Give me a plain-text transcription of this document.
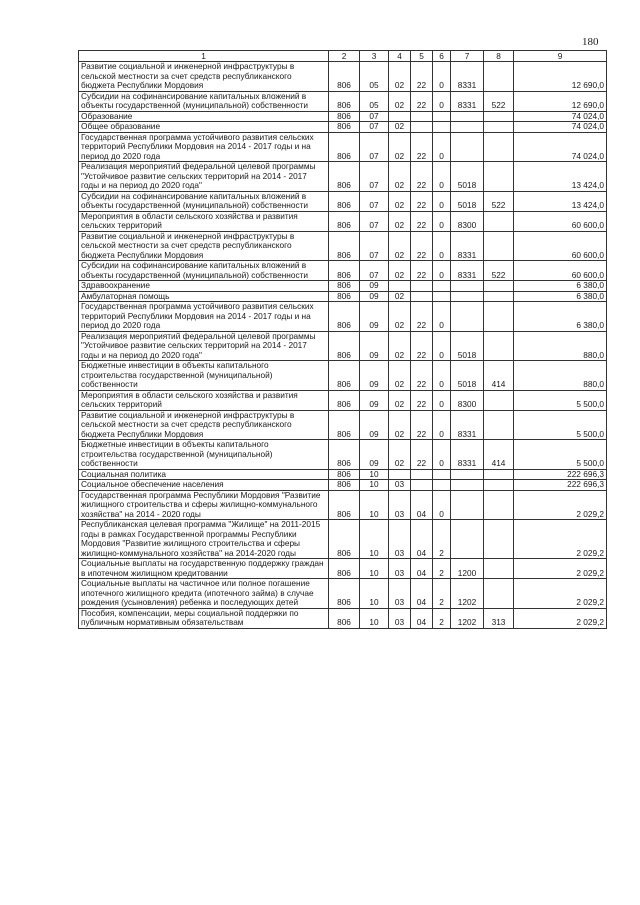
180
1	2	3	4	5	6	7	8	9
Развитие социальной и инженерной инфраструктуры в сельской местности за счет средств республиканского бюджета Республики Мордовия	806	05	02	22	0	8331		12 690,0
Субсидии на софинансирование капитальных вложений в объекты государственной (муниципальной) собственности	806	05	02	22	0	8331	522	12 690,0
Образование	806	07						74 024,0
Общее образование	806	07	02					74 024,0
Государственная программа устойчивого развития сельских территорий Республики Мордовия на 2014 - 2017 годы и на период до 2020 года	806	07	02	22	0			74 024,0
Реализация мероприятий федеральной целевой программы "Устойчивое развитие сельских территорий на 2014 - 2017 годы и на период до 2020 года"	806	07	02	22	0	5018		13 424,0
Субсидии на софинансирование капитальных вложений в объекты государственной (муниципальной) собственности	806	07	02	22	0	5018	522	13 424,0
Мероприятия в области сельского хозяйства и развития сельских территорий	806	07	02	22	0	8300		60 600,0
Развитие социальной и инженерной инфраструктуры в сельской местности за счет средств республиканского бюджета Республики Мордовия	806	07	02	22	0	8331		60 600,0
Субсидии на софинансирование капитальных вложений в объекты государственной (муниципальной) собственности	806	07	02	22	0	8331	522	60 600,0
Здравоохранение	806	09						6 380,0
Амбулаторная помощь	806	09	02					6 380,0
Государственная программа устойчивого развития сельских территорий Республики Мордовия на 2014 - 2017 годы и на период до 2020 года	806	09	02	22	0			6 380,0
Реализация мероприятий федеральной целевой программы "Устойчивое развитие сельских территорий на 2014 - 2017 годы и на период до 2020 года"	806	09	02	22	0	5018		880,0
Бюджетные инвестиции в объекты капитального строительства государственной (муниципальной) собственности	806	09	02	22	0	5018	414	880,0
Мероприятия в области сельского хозяйства и развития сельских территорий	806	09	02	22	0	8300		5 500,0
Развитие социальной и инженерной инфраструктуры в сельской местности за счет средств республиканского бюджета Республики Мордовия	806	09	02	22	0	8331		5 500,0
Бюджетные инвестиции в объекты капитального строительства государственной (муниципальной) собственности	806	09	02	22	0	8331	414	5 500,0
Социальная политика	806	10						222 696,3
Социальное обеспечение населения	806	10	03					222 696,3
Государственная программа Республики Мордовия "Развитие жилищного строительства и сферы жилищно-коммунального хозяйства" на 2014 - 2020 годы	806	10	03	04	0			2 029,2
Республиканская целевая программа "Жилище" на 2011-2015 годы в рамках Государственной программы Республики Мордовия "Развитие жилищного строительства и сферы жилищно-коммунального хозяйства" на 2014-2020 годы	806	10	03	04	2			2 029,2
Социальные выплаты на государственную поддержку граждан в ипотечном жилищном кредитовании	806	10	03	04	2	1200		2 029,2
Социальные выплаты на частичное или полное погашение ипотечного жилищного кредита (ипотечного займа) в случае рождения (усыновления) ребенка и последующих детей	806	10	03	04	2	1202		2 029,2
Пособия, компенсации, меры социальной поддержки по публичным нормативным обязательствам	806	10	03	04	2	1202	313	2 029,2
